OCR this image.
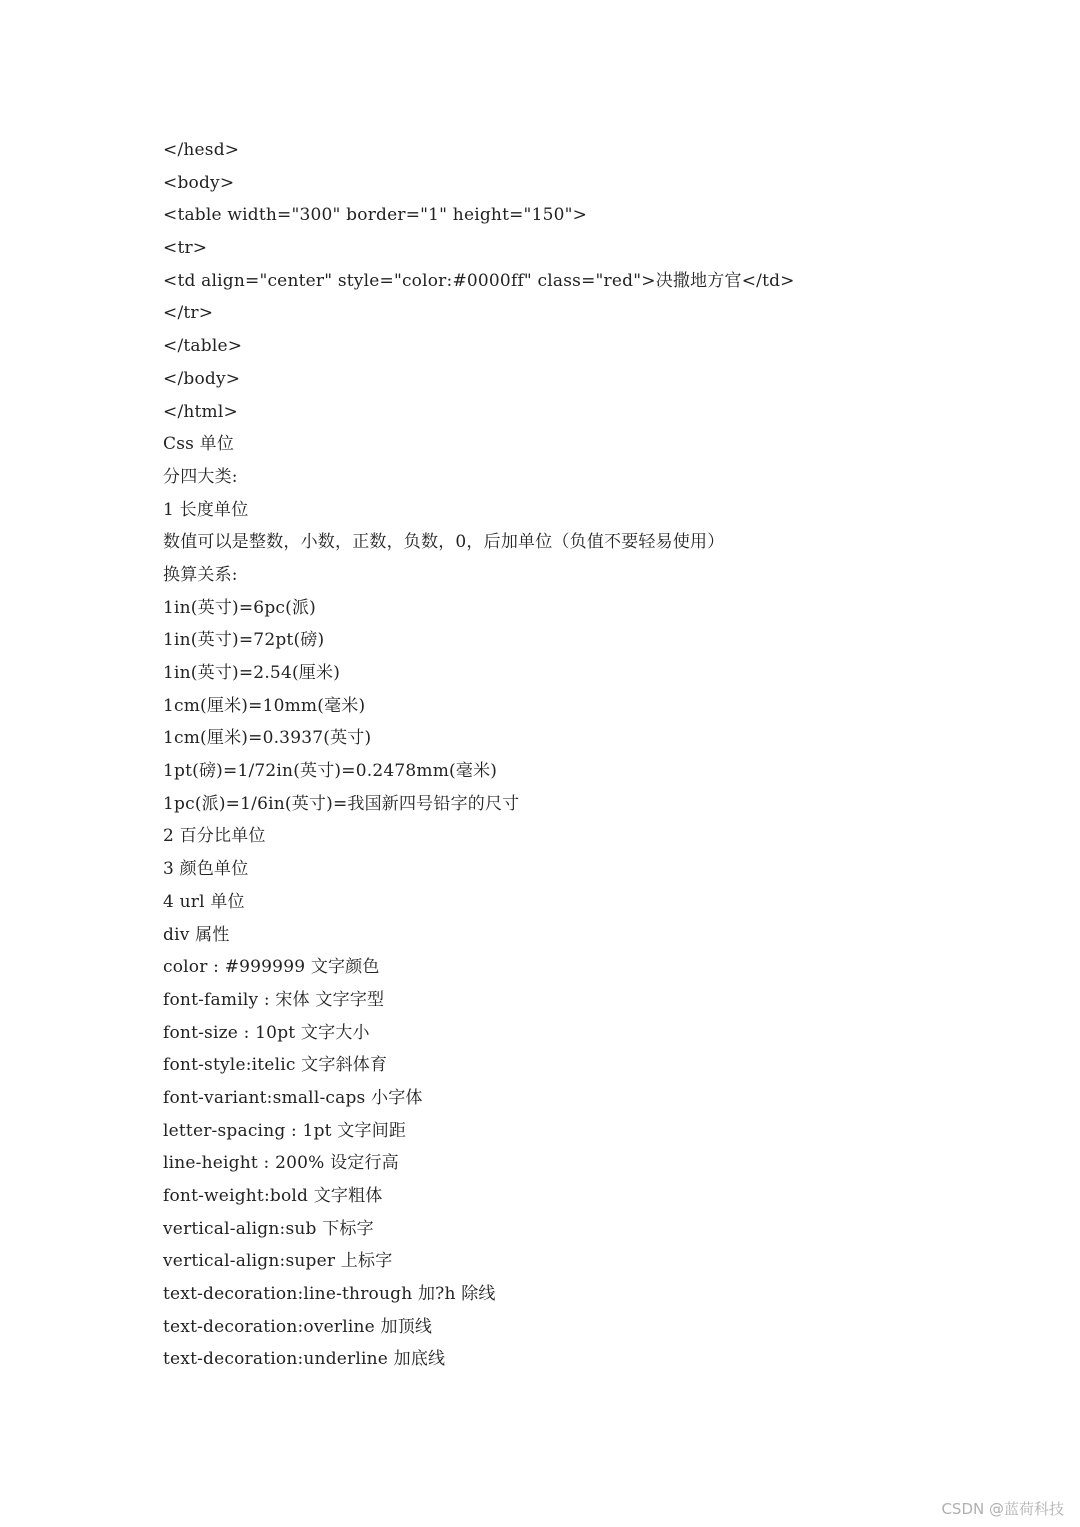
</hesd>
<body>
<table width="300" border="1" height="150">
<tr>
<td align="center" style="color:#0000ff" class="red">决撒地方官</td>
</tr>
</table>
</body>
</html>
Css 单位
分四大类:
1 长度单位
数值可以是整数，小数，正数，负数，0，后加单位（负值不要轻易使用）
换算关系:
1in(英寸)=6pc(派)
1in(英寸)=72pt(磅)
1in(英寸)=2.54(厘米)
1cm(厘米)=10mm(毫米)
1cm(厘米)=0.3937(英寸)
1pt(磅)=1/72in(英寸)=0.2478mm(毫米)
1pc(派)=1/6in(英寸)=我国新四号铅字的尺寸
2 百分比单位
3 颜色单位
4 url 单位
div 属性
color : #999999 文字颜色
font-family : 宋体 文字字型
font-size : 10pt 文字大小
font-style:itelic 文字斜体育
font-variant:small-caps 小字体
letter-spacing : 1pt 文字间距
line-height : 200% 设定行高
font-weight:bold 文字粗体
vertical-align:sub 下标字
vertical-align:super 上标字
text-decoration:line-through 加?h 除线
text-decoration:overline 加顶线
text-decoration:underline 加底线
CSDN @蓝荷科技
